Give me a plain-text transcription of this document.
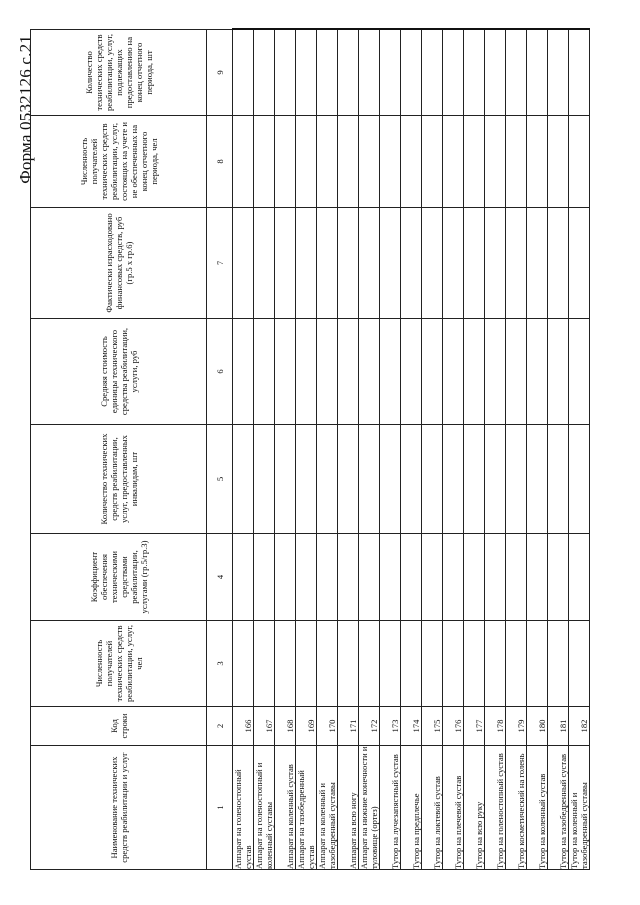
Форма 0532126 с.21
Наименование технических средств реабилитации и услуг	Код строки	Численность получателей технических средств реабилитации, услуг, чел	Коэффициент обеспечения техническими средствами реабилитации, услугами (гр.5/гр.3)	Количество технических средств реабилитации, услуг, предоставленных инвалидам, шт	Средняя стоимость единицы технического средства реабилитации, услуги, руб	Фактически израсходовано финансовых средств, руб (гр.5 х гр.6)	Численность получателей технических средств реабилитации, услуг, состоящих на учете и не обеспеченных на конец отчетного периода, чел	Количество технических средств реабилитации, услуг, подлежащих предоставлению на конец отчетного периода, шт
1	2	3	4	5	6	7	8	9
Аппарат на голеностопный сустав	166							
Аппарат на голеностопный и коленный суставы	167							
Аппарат на коленный сустав	168							
Аппарат на тазобедренный сустав	169							
Аппарат на коленный и тазобедренный суставы	170							
Аппарат на всю ногу	171							
Аппарат на нижние конечности и туловище (ортез)	172							
Тутор на лучезапястный сустав	173							
Тутор на предплечье	174							
Тутор на локтевой сустав	175							
Тутор на плечевой сустав	176							
Тутор на всю руку	177							
Тутор на голеностопный сустав	178							
Тутор косметический на голень	179							
Тутор на коленный сустав	180							
Тутор на тазобедренный сустав	181							
Тутор на коленный и тазобедренный суставы	182							
